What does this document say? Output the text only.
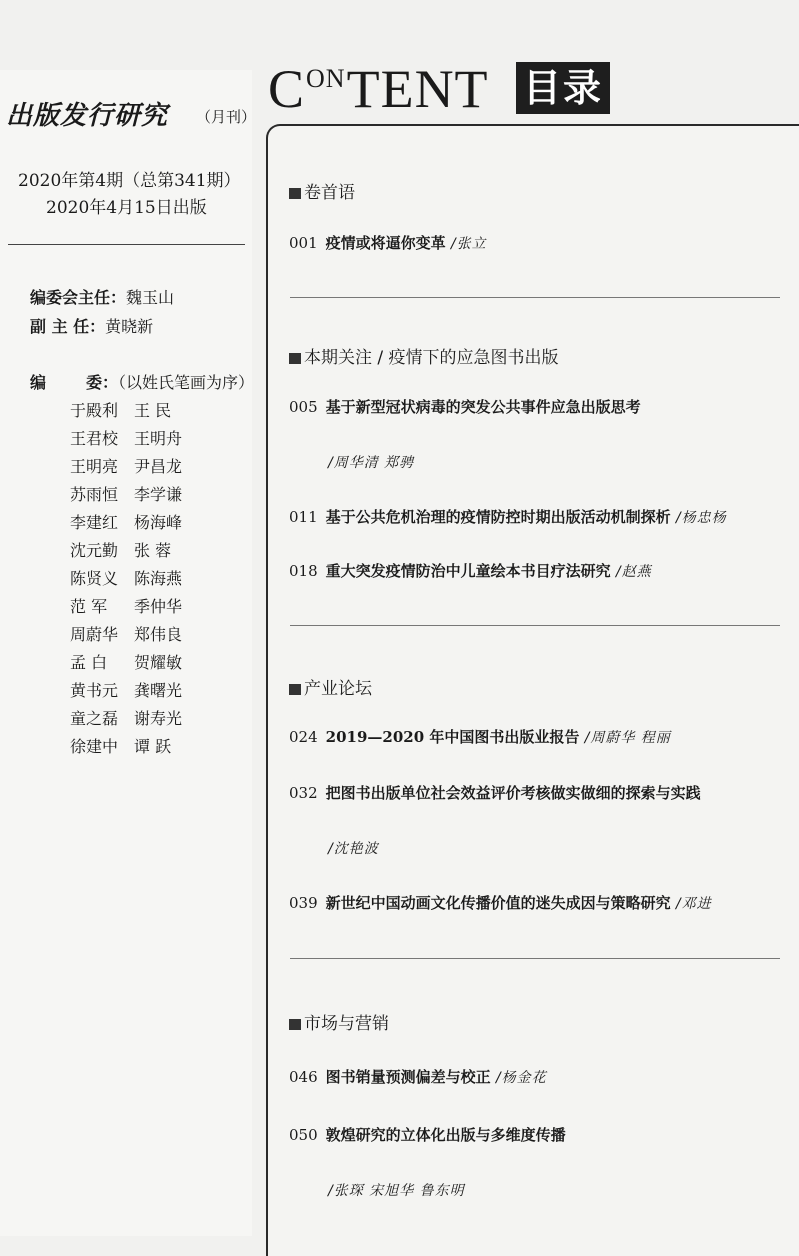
出版发行研究 （月刊）
2020年第4期（总第341期）
2020年4月15日出版
编委会主任：魏玉山
副 主 任：黄晓新
编	委：（以姓氏笔画为序）
于殿利 王 民
王君校 王明舟
王明亮 尹昌龙
苏雨恒 李学谦
李建红 杨海峰
沈元勤 张 蓉
陈贤义 陈海燕
范 军 季仲华
周蔚华 郑伟良
孟 白 贺耀敏
黄书元 龚曙光
童之磊 谢寿光
徐建中 谭 跃
$C^{ON}TENT$ 目录
卷首语
001 疫情或将逼你变革 /张立
本期关注 / 疫情下的应急图书出版
005 基于新型冠状病毒的突发公共事件应急出版思考
/周华清 郑骋
011 基于公共危机治理的疫情防控时期出版活动机制探析 /杨忠杨
018 重大突发疫情防治中儿童绘本书目疗法研究 /赵燕
产业论坛
024 2019—2020 年中国图书出版业报告 /周蔚华 程丽
032 把图书出版单位社会效益评价考核做实做细的探索与实践
/沈艳波
039 新世纪中国动画文化传播价值的迷失成因与策略研究 /邓进
市场与营销
046 图书销量预测偏差与校正 /杨金花
050 敦煌研究的立体化出版与多维度传播
/张琛 宋旭华 鲁东明
